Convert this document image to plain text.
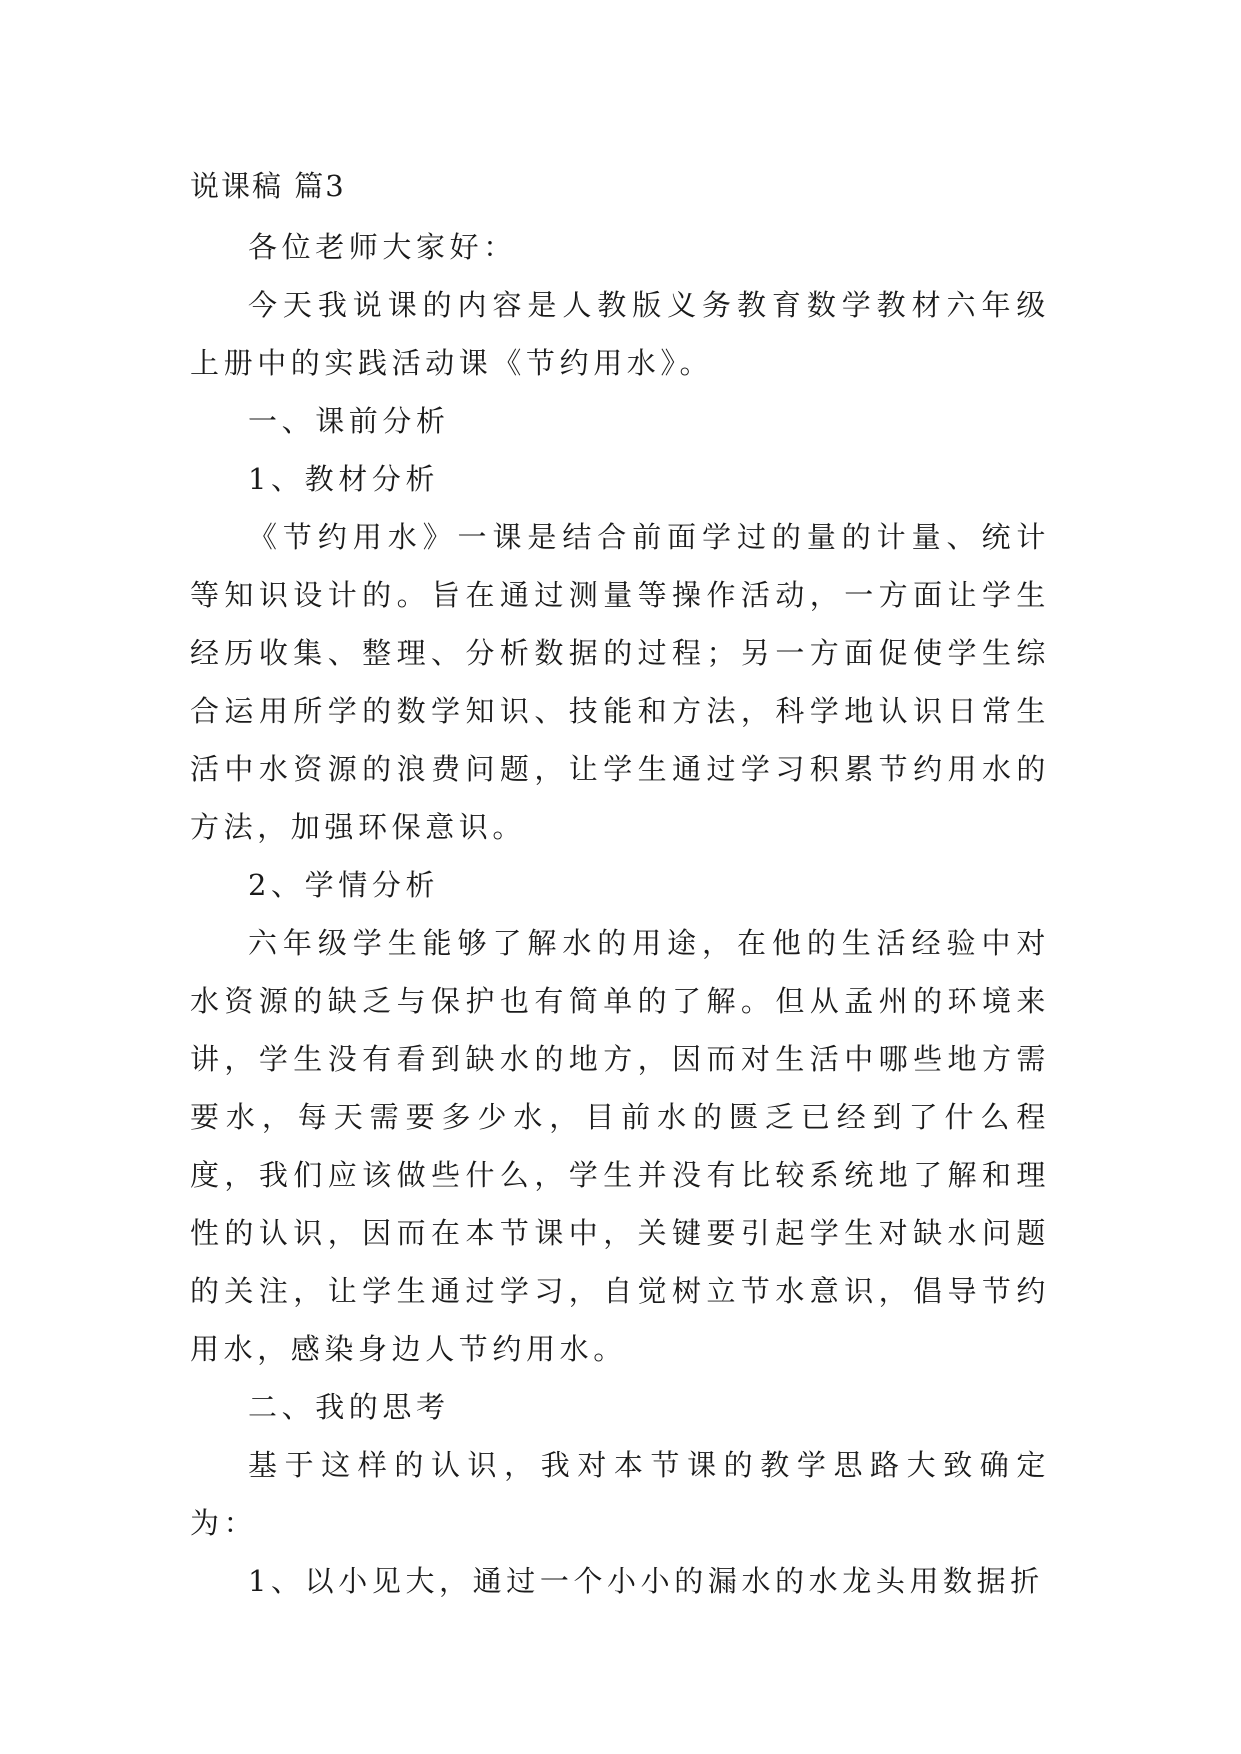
说课稿 篇3

各位老师大家好：

今天我说课的内容是人教版义务教育数学教材六年级上册中的实践活动课《节约用水》。

一、课前分析

1、教材分析

《节约用水》一课是结合前面学过的量的计量、统计等知识设计的。旨在通过测量等操作活动，一方面让学生经历收集、整理、分析数据的过程；另一方面促使学生综合运用所学的数学知识、技能和方法，科学地认识日常生活中水资源的浪费问题，让学生通过学习积累节约用水的方法，加强环保意识。

2、学情分析

六年级学生能够了解水的用途，在他的生活经验中对水资源的缺乏与保护也有简单的了解。但从孟州的环境来讲，学生没有看到缺水的地方，因而对生活中哪些地方需要水，每天需要多少水，目前水的匮乏已经到了什么程度，我们应该做些什么，学生并没有比较系统地了解和理性的认识，因而在本节课中，关键要引起学生对缺水问题的关注，让学生通过学习，自觉树立节水意识，倡导节约用水，感染身边人节约用水。

二、我的思考

基于这样的认识，我对本节课的教学思路大致确定为：

1、以小见大，通过一个小小的漏水的水龙头用数据折
